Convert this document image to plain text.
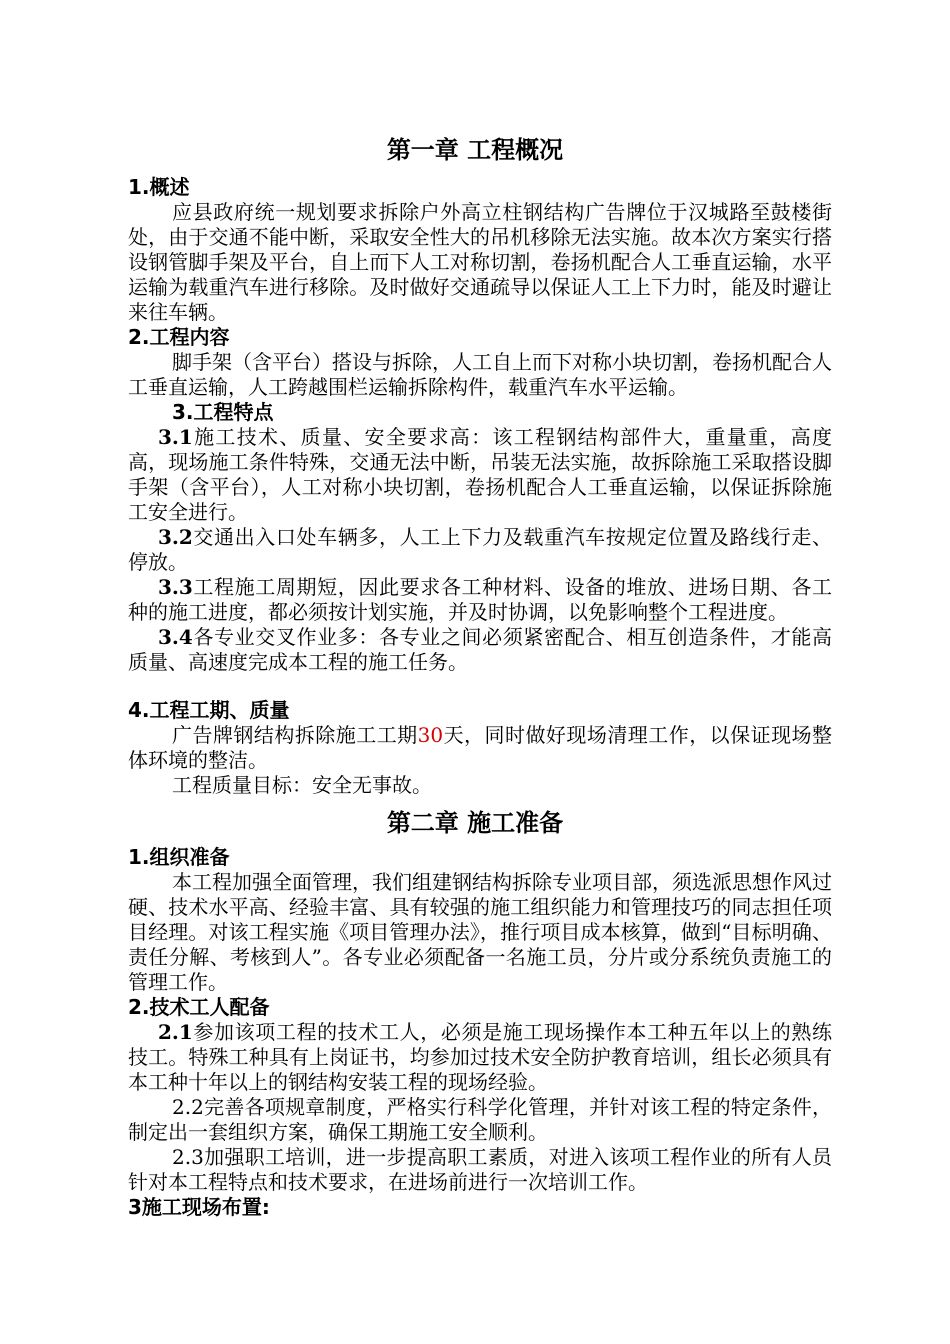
第一章 工程概况
1.概述
应县政府统一规划要求拆除户外高立柱钢结构广告牌位于汉城路至鼓楼街处，由于交通不能中断，采取安全性大的吊机移除无法实施。故本次方案实行搭设钢管脚手架及平台，自上而下人工对称切割，卷扬机配合人工垂直运输，水平运输为载重汽车进行移除。及时做好交通疏导以保证人工上下力时，能及时避让来往车辆。
2.工程内容
脚手架（含平台）搭设与拆除，人工自上而下对称小块切割，卷扬机配合人工垂直运输，人工跨越围栏运输拆除构件，载重汽车水平运输。
3.工程特点
3.1施工技术、质量、安全要求高：该工程钢结构部件大，重量重，高度高，现场施工条件特殊，交通无法中断，吊装无法实施，故拆除施工采取搭设脚手架（含平台），人工对称小块切割，卷扬机配合人工垂直运输，以保证拆除施工安全进行。
3.2交通出入口处车辆多，人工上下力及载重汽车按规定位置及路线行走、停放。
3.3工程施工周期短，因此要求各工种材料、设备的堆放、进场日期、各工种的施工进度，都必须按计划实施，并及时协调，以免影响整个工程进度。
3.4各专业交叉作业多：各专业之间必须紧密配合、相互创造条件，才能高质量、高速度完成本工程的施工任务。
4.工程工期、质量
广告牌钢结构拆除施工工期30天，同时做好现场清理工作，以保证现场整体环境的整洁。
工程质量目标：安全无事故。
第二章 施工准备
1.组织准备
本工程加强全面管理，我们组建钢结构拆除专业项目部，须选派思想作风过硬、技术水平高、经验丰富、具有较强的施工组织能力和管理技巧的同志担任项目经理。对该工程实施《项目管理办法》，推行项目成本核算，做到“目标明确、责任分解、考核到人”。各专业必须配备一名施工员，分片或分系统负责施工的管理工作。
2.技术工人配备
2.1参加该项工程的技术工人，必须是施工现场操作本工种五年以上的熟练技工。特殊工种具有上岗证书，均参加过技术安全防护教育培训，组长必须具有本工种十年以上的钢结构安装工程的现场经验。
2.2完善各项规章制度，严格实行科学化管理，并针对该工程的特定条件，制定出一套组织方案，确保工期施工安全顺利。
2.3加强职工培训，进一步提高职工素质，对进入该项工程作业的所有人员针对本工程特点和技术要求，在进场前进行一次培训工作。
3施工现场布置:
